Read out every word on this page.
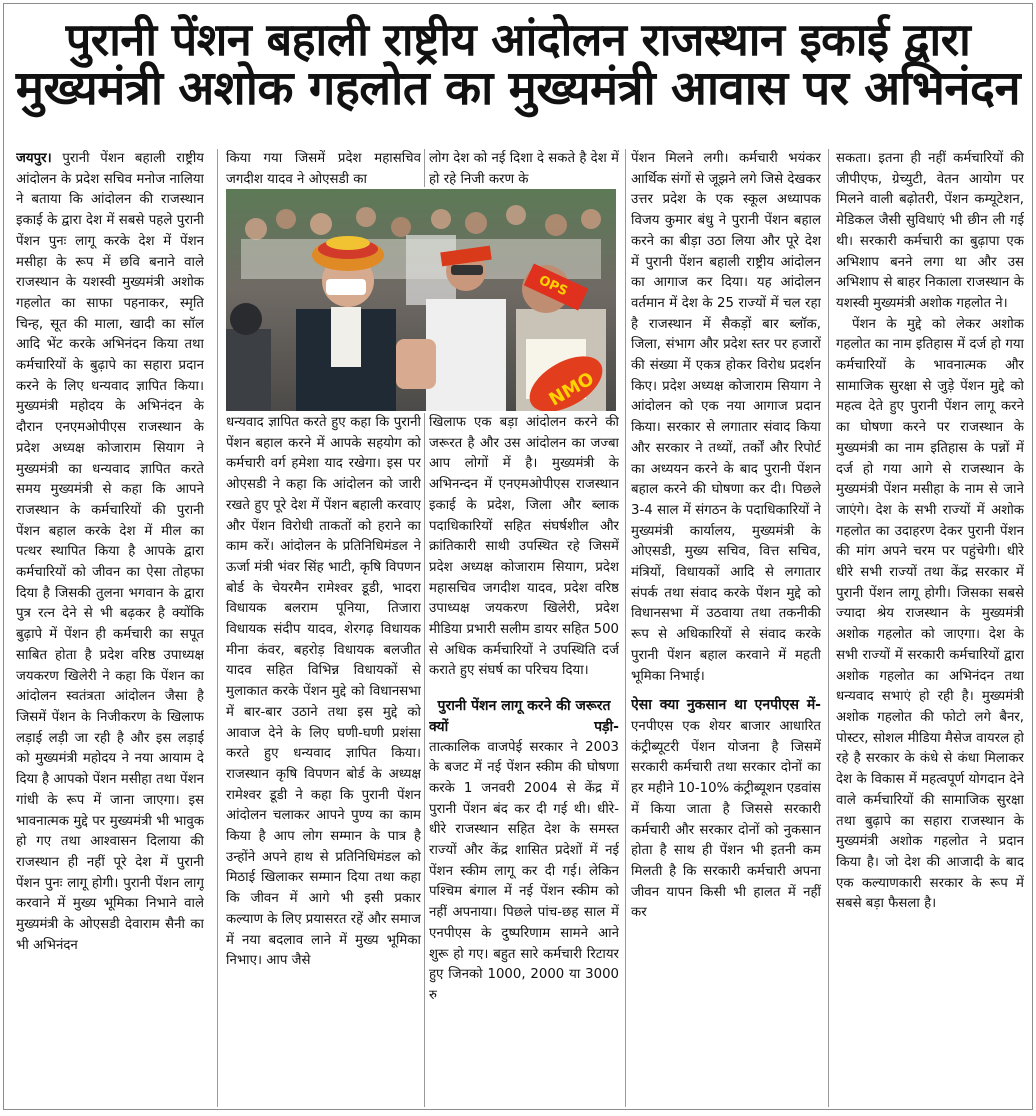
पुरानी पेंशन बहाली राष्ट्रीय आंदोलन राजस्थान इकाई द्वारा
मुख्यमंत्री अशोक गहलोत का मुख्यमंत्री आवास पर अभिनंदन

जयपुर। पुरानी पेंशन बहाली राष्ट्रीय आंदोलन के प्रदेश सचिव मनोज नालिया ने बताया कि आंदोलन की राजस्थान इकाई के द्वारा देश में सबसे पहले पुरानी पेंशन पुनः लागू करके देश में पेंशन मसीहा के रूप में छवि बनाने वाले राजस्थान के यशस्वी मुख्यमंत्री अशोक गहलोत का साफा पहनाकर, स्मृति चिन्ह, सूत की माला, खादी का सॉल आदि भेंट करके अभिनंदन किया तथा कर्मचारियों के बुढ़ापे का सहारा प्रदान करने के लिए धन्यवाद ज्ञापित किया। मुख्यमंत्री महोदय के अभिनंदन के दौरान एनएमओपीएस राजस्थान के प्रदेश अध्यक्ष कोजाराम सियाग ने मुख्यमंत्री का धन्यवाद ज्ञापित करते समय मुख्यमंत्री से कहा कि आपने राजस्थान के कर्मचारियों की पुरानी पेंशन बहाल करके देश में मील का पत्थर स्थापित किया है आपके द्वारा कर्मचारियों को जीवन का ऐसा तोहफा दिया है जिसकी तुलना भगवान के द्वारा पुत्र रत्न देने से भी बढ़कर है क्योंकि बुढ़ापे में पेंशन ही कर्मचारी का सपूत साबित होता है प्रदेश वरिष्ठ उपाध्यक्ष जयकरण खिलेरी ने कहा कि पेंशन का आंदोलन स्वतंत्रता आंदोलन जैसा है जिसमें पेंशन के निजीकरण के खिलाफ लड़ाई लड़ी जा रही है और इस लड़ाई को मुख्यमंत्री महोदय ने नया आयाम दे दिया है आपको पेंशन मसीहा तथा पेंशन गांधी के रूप में जाना जाएगा। इस भावनात्मक मुद्दे पर मुख्यमंत्री भी भावुक हो गए तथा आश्वासन दिलाया की राजस्थान ही नहीं पूरे देश में पुरानी पेंशन पुनः लागू होगी। पुरानी पेंशन लागू करवाने में मुख्य भूमिका निभाने वाले मुख्यमंत्री के ओएसडी देवाराम सैनी का भी अभिनंदन

किया गया जिसमें प्रदेश महासचिव जगदीश यादव ने ओएसडी का

धन्यवाद ज्ञापित करते हुए कहा कि पुरानी पेंशन बहाल करने में आपके सहयोग को कर्मचारी वर्ग हमेशा याद रखेगा। इस पर ओएसडी ने कहा कि आंदोलन को जारी रखते हुए पूरे देश में पेंशन बहाली करवाए और पेंशन विरोधी ताकतों को हराने का काम करें। आंदोलन के प्रतिनिधिमंडल ने ऊर्जा मंत्री भंवर सिंह भाटी, कृषि विपणन बोर्ड के चेयरमैन रामेश्वर डूडी, भादरा विधायक बलराम पूनिया, तिजारा विधायक संदीप यादव, शेरगढ़ विधायक मीना कंवर, बहरोड़ विधायक बलजीत यादव सहित विभिन्न विधायकों से मुलाकात करके पेंशन मुद्दे को विधानसभा में बार-बार उठाने तथा इस मुद्दे को आवाज देने के लिए घणी-घणी प्रशंसा करते हुए धन्यवाद ज्ञापित किया। राजस्थान कृषि विपणन बोर्ड के अध्यक्ष रामेश्वर डूडी ने कहा कि पुरानी पेंशन आंदोलन चलाकर आपने पुण्य का काम किया है आप लोग सम्मान के पात्र है उन्होंने अपने हाथ से प्रतिनिधिमंडल को मिठाई खिलाकर सम्मान दिया तथा कहा कि जीवन में आगे भी इसी प्रकार कल्याण के लिए प्रयासरत रहें और समाज में नया बदलाव लाने में मुख्य भूमिका निभाए। आप जैसे

लोग देश को नई दिशा दे सकते है देश में हो रहे निजी करण के

खिलाफ एक बड़ा आंदोलन करने की जरूरत है और उस आंदोलन का जज्बा आप लोगों में है। मुख्यमंत्री के अभिनन्दन में एनएमओपीएस राजस्थान इकाई के प्रदेश, जिला और ब्लाक पदाधिकारियों सहित संघर्षशील और क्रांतिकारी साथी उपस्थित रहे जिसमें प्रदेश अध्यक्ष कोजाराम सियाग, प्रदेश महासचिव जगदीश यादव, प्रदेश वरिष्ठ उपाध्यक्ष जयकरण खिलेरी, प्रदेश मीडिया प्रभारी सलीम डायर सहित 500 से अधिक कर्मचारियों ने उपस्थिति दर्ज कराते हुए संघर्ष का परिचय दिया।

पुरानी पेंशन लागू करने की जरूरत क्यों पड़ी-

तात्कालिक वाजपेई सरकार ने 2003 के बजट में नई पेंशन स्कीम की घोषणा करके 1 जनवरी 2004 से केंद्र में पुरानी पेंशन बंद कर दी गई थी। धीरे-धीरे राजस्थान सहित देश के समस्त राज्यों और केंद्र शासित प्रदेशों में नई पेंशन स्कीम लागू कर दी गई। लेकिन पश्चिम बंगाल में नई पेंशन स्कीम को नहीं अपनाया। पिछले पांच-छह साल में एनपीएस के दुष्परिणाम सामने आने शुरू हो गए। बहुत सारे कर्मचारी रिटायर हुए जिनको 1000, 2000 या 3000 रु

पेंशन मिलने लगी। कर्मचारी भयंकर आर्थिक संगों से जूझने लगे जिसे देखकर उत्तर प्रदेश के एक स्कूल अध्यापक विजय कुमार बंधु ने पुरानी पेंशन बहाल करने का बीड़ा उठा लिया और पूरे देश में पुरानी पेंशन बहाली राष्ट्रीय आंदोलन का आगाज कर दिया। यह आंदोलन वर्तमान में देश के 25 राज्यों में चल रहा है राजस्थान में सैकड़ों बार ब्लॉक, जिला, संभाग और प्रदेश स्तर पर हजारों की संख्या में एकत्र होकर विरोध प्रदर्शन किए। प्रदेश अध्यक्ष कोजाराम सियाग ने आंदोलन को एक नया आगाज प्रदान किया। सरकार से लगातार संवाद किया और सरकार ने तथ्यों, तर्कों और रिपोर्ट का अध्ययन करने के बाद पुरानी पेंशन बहाल करने की घोषणा कर दी। पिछले 3-4 साल में संगठन के पदाधिकारियों ने मुख्यमंत्री कार्यालय, मुख्यमंत्री के ओएसडी, मुख्य सचिव, वित्त सचिव, मंत्रियों, विधायकों आदि से लगातार संपर्क तथा संवाद करके पेंशन मुद्दे को विधानसभा में उठवाया तथा तकनीकी रूप से अधिकारियों से संवाद करके पुरानी पेंशन बहाल करवाने में महती भूमिका निभाई।

ऐसा क्या नुकसान था एनपीएस में-एनपीएस एक शेयर बाजार आधारित कंट्रीब्यूटरी पेंशन योजना है जिसमें सरकारी कर्मचारी तथा सरकार दोनों का हर महीने 10-10% कंट्रीब्यूशन एडवांस में किया जाता है जिससे सरकारी कर्मचारी और सरकार दोनों को नुकसान होता है साथ ही पेंशन भी इतनी कम मिलती है कि सरकारी कर्मचारी अपना जीवन यापन किसी भी हालत में नहीं कर

सकता। इतना ही नहीं कर्मचारियों की जीपीएफ, ग्रेच्युटी, वेतन आयोग पर मिलने वाली बढ़ोतरी, पेंशन कम्यूटेशन, मेडिकल जैसी सुविधाएं भी छीन ली गई थी। सरकारी कर्मचारी का बुढ़ापा एक अभिशाप बनने लगा था और उस अभिशाप से बाहर निकाला राजस्थान के यशस्वी मुख्यमंत्री अशोक गहलोत ने।

पेंशन के मुद्दे को लेकर अशोक गहलोत का नाम इतिहास में दर्ज हो गया कर्मचारियों के भावनात्मक और सामाजिक सुरक्षा से जुड़े पेंशन मुद्दे को महत्व देते हुए पुरानी पेंशन लागू करने का घोषणा करने पर राजस्थान के मुख्यमंत्री का नाम इतिहास के पन्नों में दर्ज हो गया आगे से राजस्थान के मुख्यमंत्री पेंशन मसीहा के नाम से जाने जाएंगे। देश के सभी राज्यों में अशोक गहलोत का उदाहरण देकर पुरानी पेंशन की मांग अपने चरम पर पहुंचेगी। धीरे धीरे सभी राज्यों तथा केंद्र सरकार में पुरानी पेंशन लागू होगी। जिसका सबसे ज्यादा श्रेय राजस्थान के मुख्यमंत्री अशोक गहलोत को जाएगा। देश के सभी राज्यों में सरकारी कर्मचारियों द्वारा अशोक गहलोत का अभिनंदन तथा धन्यवाद सभाएं हो रही है। मुख्यमंत्री अशोक गहलोत की फोटो लगे बैनर, पोस्टर, सोशल मीडिया मैसेज वायरल हो रहे है सरकार के कंधे से कंधा मिलाकर देश के विकास में महत्वपूर्ण योगदान देने वाले कर्मचारियों की सामाजिक सुरक्षा तथा बुढ़ापे का सहारा राजस्थान के मुख्यमंत्री अशोक गहलोत ने प्रदान किया है। जो देश की आजादी के बाद एक कल्याणकारी सरकार के रूप में सबसे बड़ा फैसला है।

OPS
NMO
